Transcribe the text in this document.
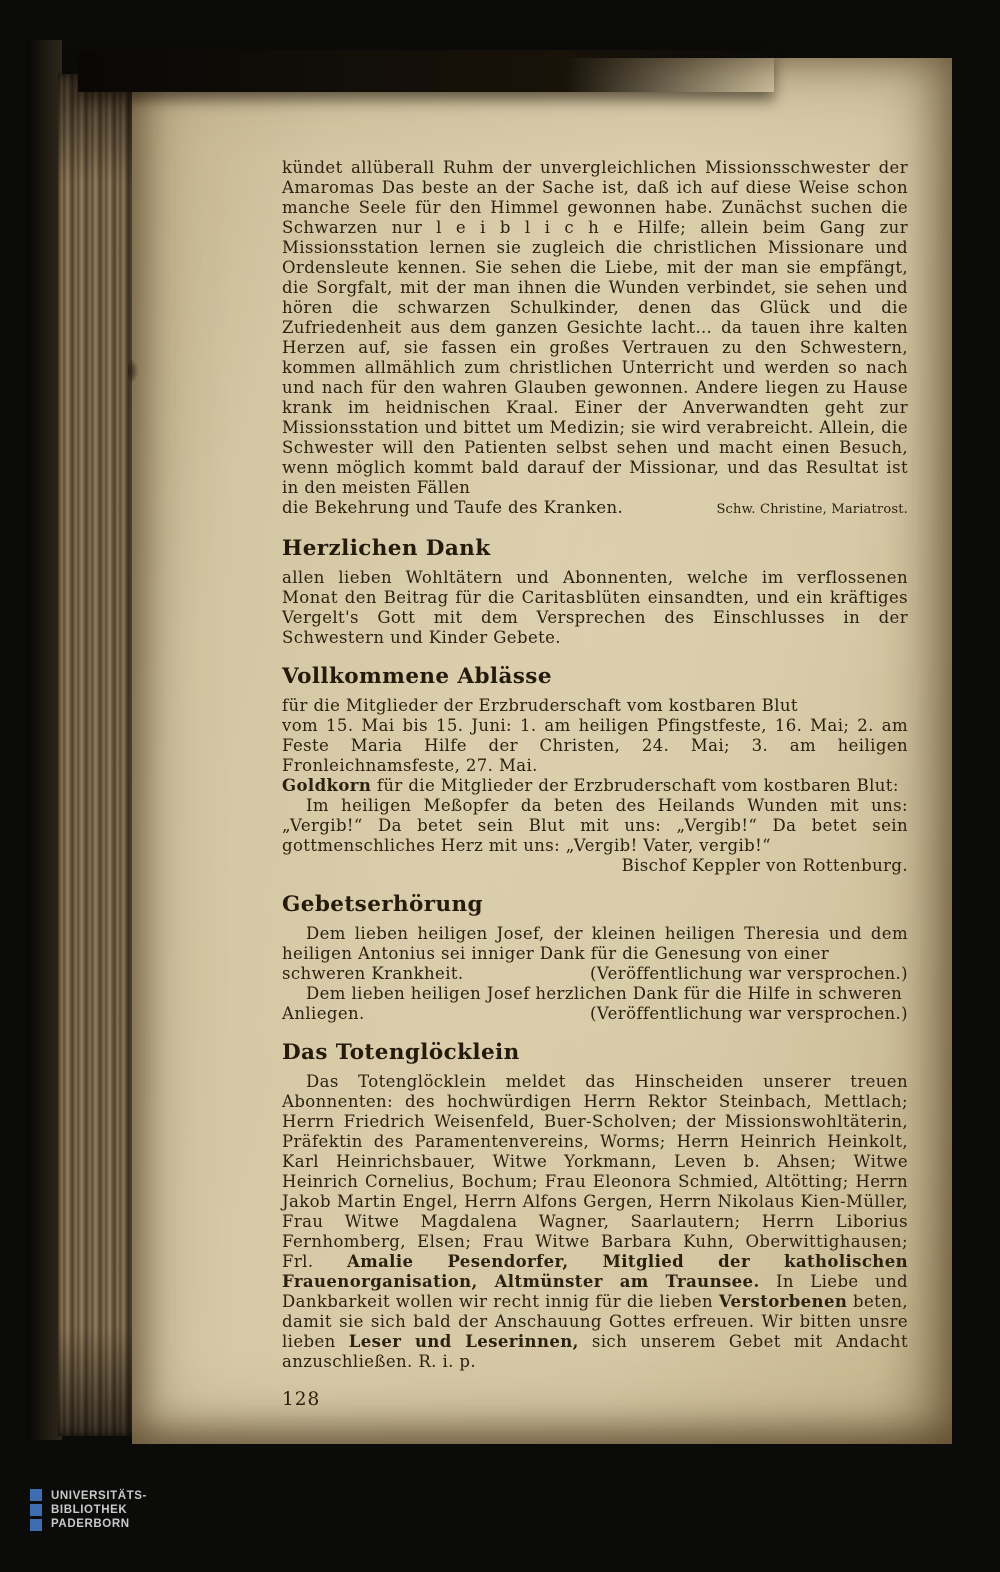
kündet allüberall Ruhm der unvergleichlichen Missionsschwester der Amaromas Das beste an der Sache ist, daß ich auf diese Weise schon manche Seele für den Himmel gewonnen habe. Zunächst suchen die Schwarzen nur l e i b l i c h e Hilfe; allein beim Gang zur Missionsstation lernen sie zugleich die christlichen Missionare und Ordensleute kennen. Sie sehen die Liebe, mit der man sie empfängt, die Sorgfalt, mit der man ihnen die Wunden verbindet, sie sehen und hören die schwarzen Schulkinder, denen das Glück und die Zufriedenheit aus dem ganzen Gesichte lacht… da tauen ihre kalten Herzen auf, sie fassen ein großes Vertrauen zu den Schwestern, kommen allmählich zum christlichen Unterricht und werden so nach und nach für den wahren Glauben gewonnen. Andere liegen zu Hause krank im heidnischen Kraal. Einer der Anverwandten geht zur Missionsstation und bittet um Medizin; sie wird verabreicht. Allein, die Schwester will den Patienten selbst sehen und macht einen Besuch, wenn möglich kommt bald darauf der Missionar, und das Resultat ist in den meisten Fällen

die Bekehrung und Taufe des Kranken.	Schw. Christine, Mariatrost.
Herzlichen Dank

allen lieben Wohltätern und Abonnenten, welche im verflossenen Monat den Beitrag für die Caritasblüten einsandten, und ein kräftiges Vergelt's Gott mit dem Versprechen des Einschlusses in der Schwestern und Kinder Gebete.

Vollkommene Ablässe

für die Mitglieder der Erzbruderschaft vom kostbaren Blut

vom 15. Mai bis 15. Juni: 1. am heiligen Pfingstfeste, 16. Mai; 2. am Feste Maria Hilfe der Christen, 24. Mai; 3. am heiligen Fronleichnamsfeste, 27. Mai.

Goldkorn für die Mitglieder der Erzbruderschaft vom kostbaren Blut:

Im heiligen Meßopfer da beten des Heilands Wunden mit uns: „Vergib!“ Da betet sein Blut mit uns: „Vergib!“ Da betet sein gottmenschliches Herz mit uns: „Vergib! Vater, vergib!“

Bischof Keppler von Rottenburg.

Gebetserhörung

Dem lieben heiligen Josef, der kleinen heiligen Theresia und dem heiligen Antonius sei inniger Dank für die Genesung von einer

schweren Krankheit.	(Veröffentlichung war versprochen.)

Dem lieben heiligen Josef herzlichen Dank für die Hilfe in schweren

Anliegen.	(Veröffentlichung war versprochen.)
Das Totenglöcklein

Das Totenglöcklein meldet das Hinscheiden unserer treuen Abonnenten: des hochwürdigen Herrn Rektor Steinbach, Mettlach; Herrn Friedrich Weisenfeld, Buer-Scholven; der Missionswohltäterin, Präfektin des Paramentenvereins, Worms; Herrn Heinrich Heinkolt, Karl Heinrichsbauer, Witwe Yorkmann, Leven b. Ahsen; Witwe Heinrich Cornelius, Bochum; Frau Eleonora Schmied, Altötting; Herrn Jakob Martin Engel, Herrn Alfons Gergen, Herrn Nikolaus Kien-Müller, Frau Witwe Magdalena Wagner, Saarlautern; Herrn Liborius Fernhomberg, Elsen; Frau Witwe Barbara Kuhn, Oberwittighausen; Frl. Amalie Pesendorfer, Mitglied der katholischen Frauenorganisation, Altmünster am Traunsee. In Liebe und Dankbarkeit wollen wir recht innig für die lieben Verstorbenen beten, damit sie sich bald der Anschauung Gottes erfreuen. Wir bitten unsre lieben Leser und Leserinnen, sich unserem Gebet mit Andacht anzuschließen. R. i. p.

128
UNIVERSITÄTS-
BIBLIOTHEK
PADERBORN
